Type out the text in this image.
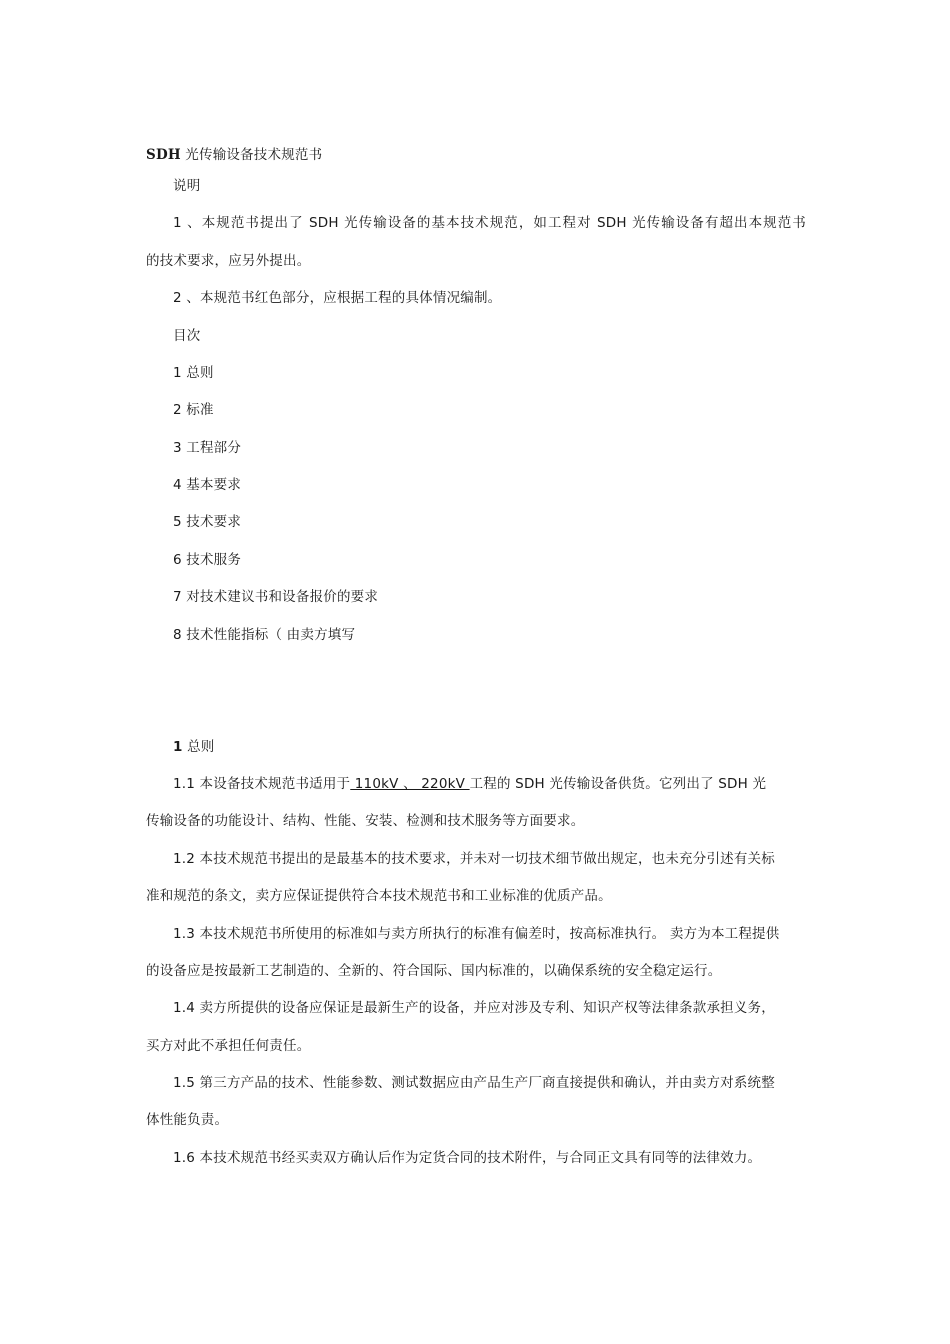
SDH 光传输设备技术规范书
说明
1 、本规范书提出了 SDH 光传输设备的基本技术规范，如工程对 SDH 光传输设备有超出本规范书
的技术要求，应另外提出。
2 、本规范书红色部分，应根据工程的具体情况编制。
目次
1 总则
2 标准
3 工程部分
4 基本要求
5 技术要求
6 技术服务
7 对技术建议书和设备报价的要求
8 技术性能指标（ 由卖方填写
1 总则
1.1 本设备技术规范书适用于 110kV 、 220kV 工程的 SDH 光传输设备供货。它列出了 SDH 光
传输设备的功能设计、结构、性能、安装、检测和技术服务等方面要求。
1.2 本技术规范书提出的是最基本的技术要求，并未对一切技术细节做出规定，也未充分引述有关标
准和规范的条文，卖方应保证提供符合本技术规范书和工业标准的优质产品。
1.3 本技术规范书所使用的标准如与卖方所执行的标准有偏差时，按高标准执行。 卖方为本工程提供
的设备应是按最新工艺制造的、全新的、符合国际、国内标准的，以确保系统的安全稳定运行。
1.4 卖方所提供的设备应保证是最新生产的设备，并应对涉及专利、知识产权等法律条款承担义务，
买方对此不承担任何责任。
1.5 第三方产品的技术、性能参数、测试数据应由产品生产厂商直接提供和确认，并由卖方对系统整
体性能负责。
1.6 本技术规范书经买卖双方确认后作为定货合同的技术附件，与合同正文具有同等的法律效力。
